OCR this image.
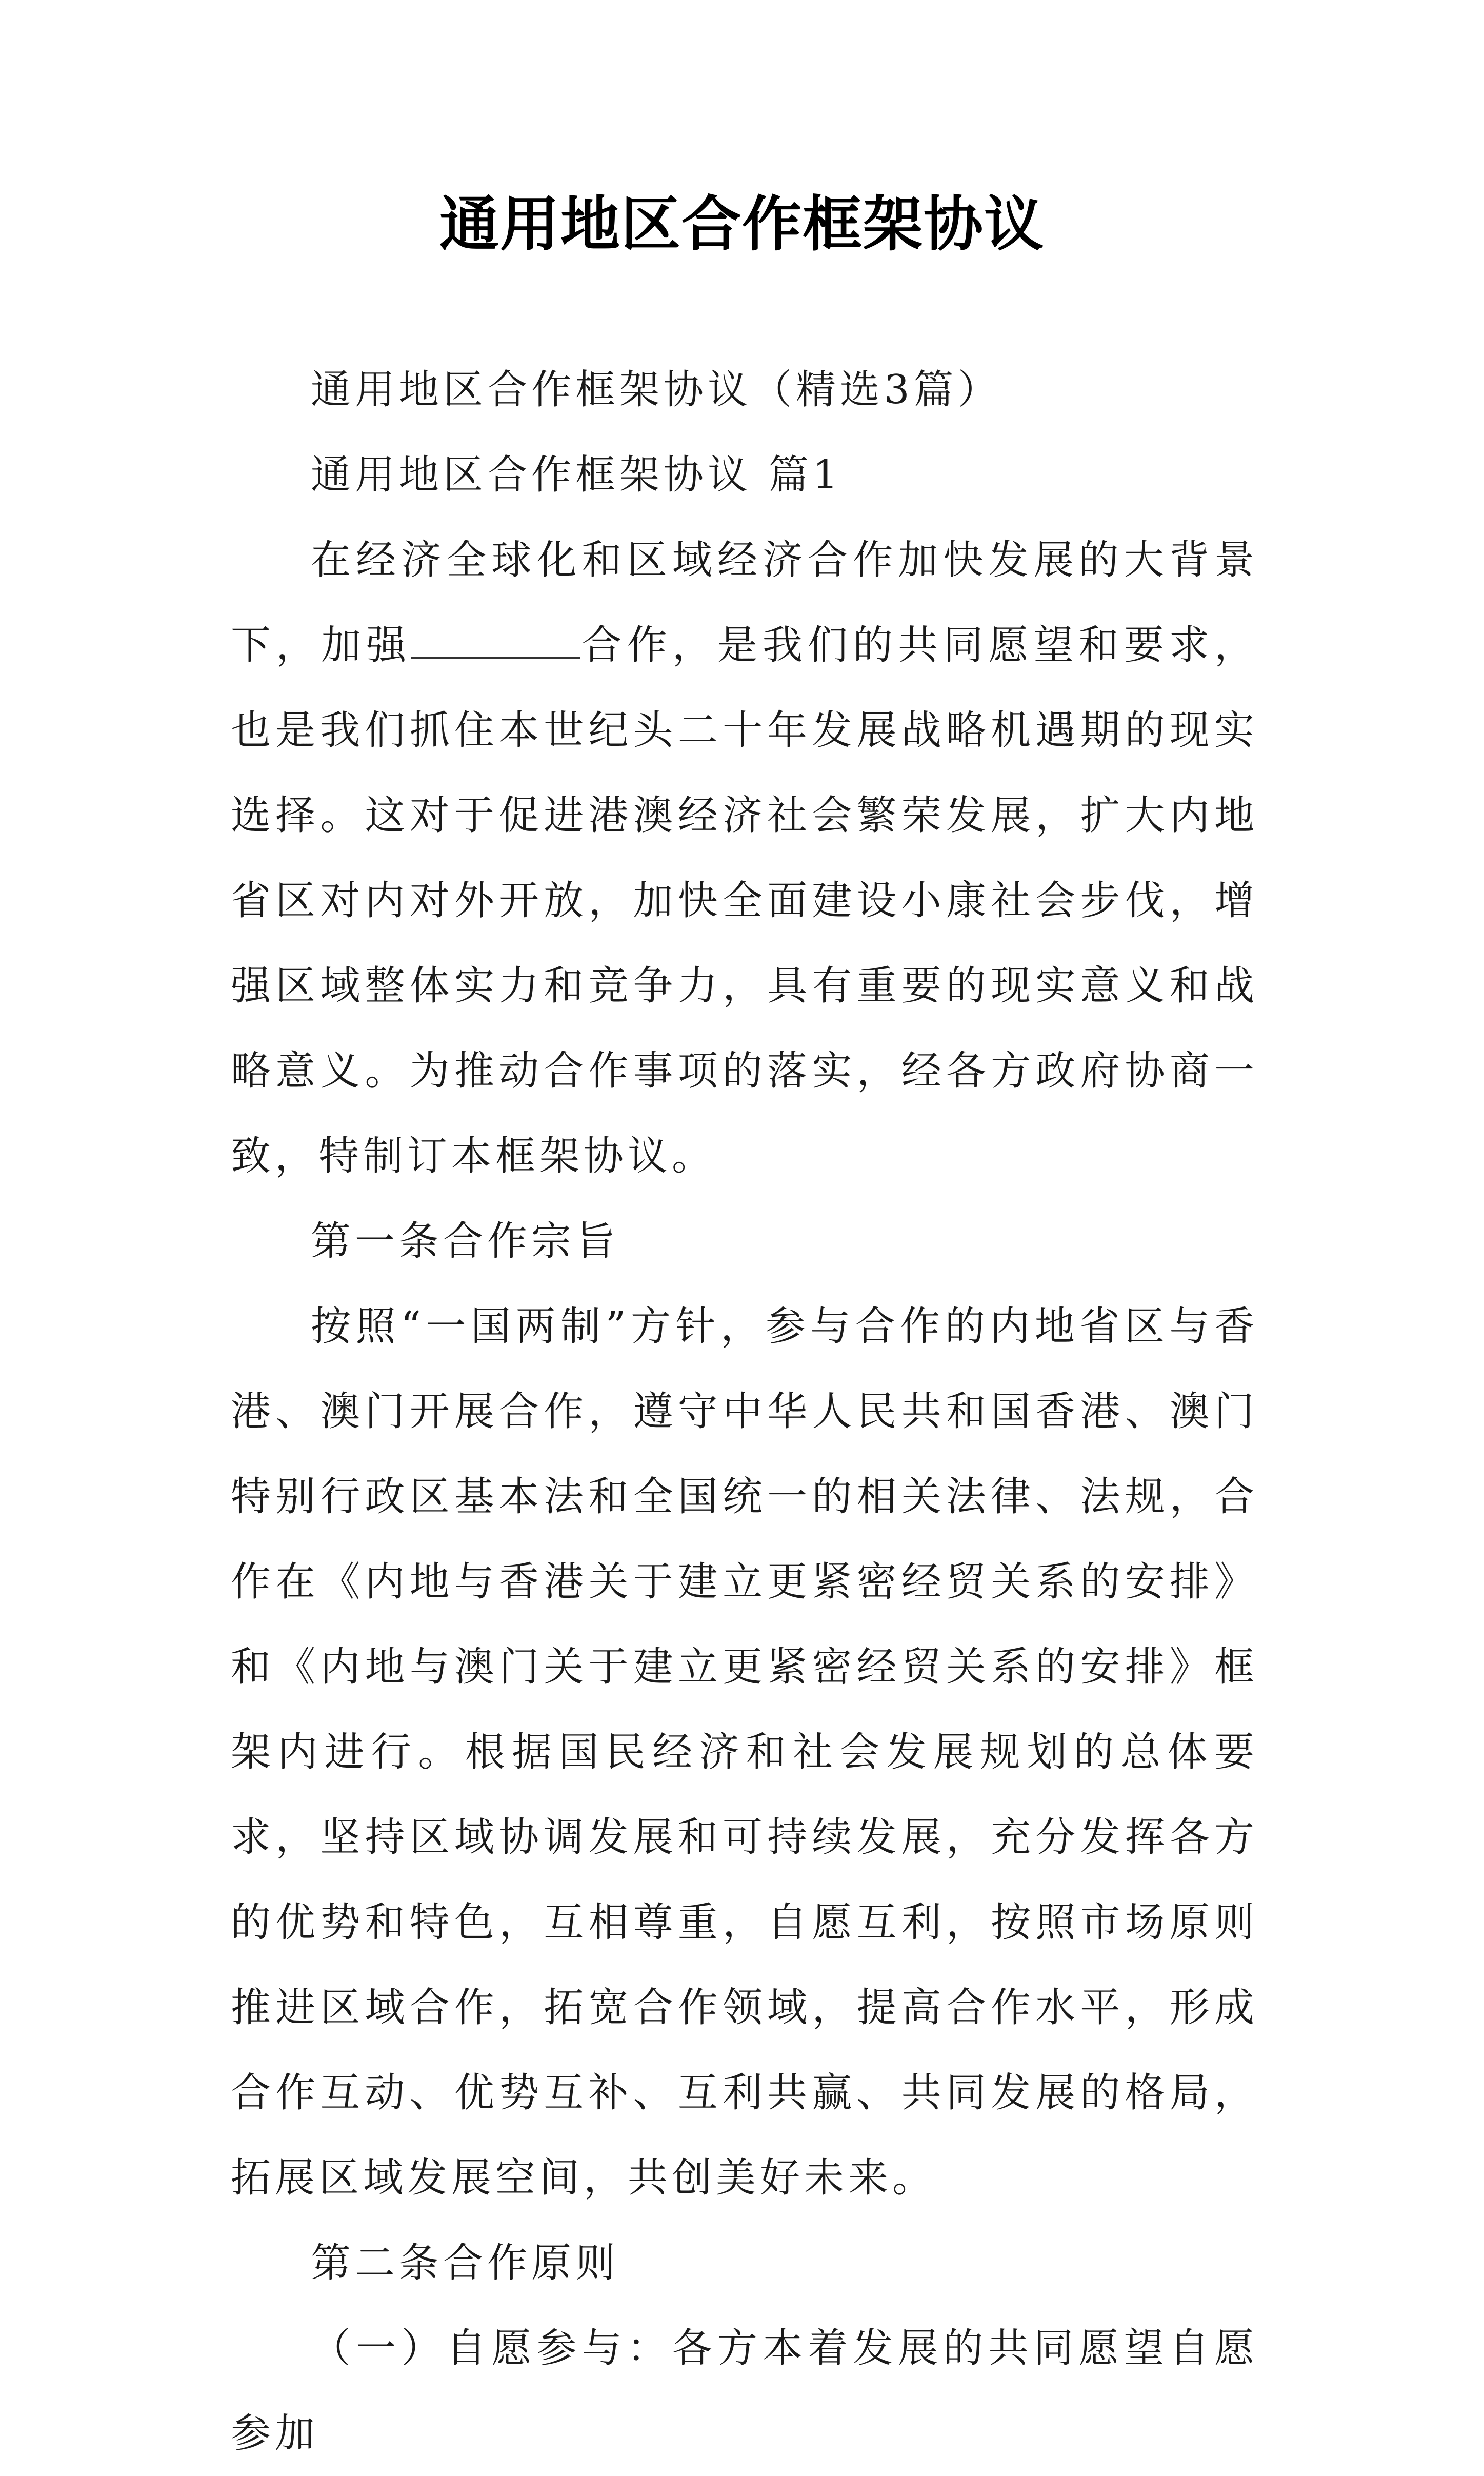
通用地区合作框架协议

通用地区合作框架协议（精选3篇）

通用地区合作框架协议 篇1

在经济全球化和区域经济合作加快发展的大背景下，加强	合作，是我们的共同愿望和要求，也是我们抓住本世纪头二十年发展战略机遇期的现实选择。这对于促进港澳经济社会繁荣发展，扩大内地省区对内对外开放，加快全面建设小康社会步伐，增强区域整体实力和竞争力，具有重要的现实意义和战略意义。为推动合作事项的落实，经各方政府协商一致，特制订本框架协议。

第一条合作宗旨

按照“一国两制”方针，参与合作的内地省区与香港、澳门开展合作，遵守中华人民共和国香港、澳门特别行政区基本法和全国统一的相关法律、法规，合作在《内地与香港关于建立更紧密经贸关系的安排》和《内地与澳门关于建立更紧密经贸关系的安排》框架内进行。根据国民经济和社会发展规划的总体要求，坚持区域协调发展和可持续发展，充分发挥各方的优势和特色，互相尊重，自愿互利，按照市场原则推进区域合作，拓宽合作领域，提高合作水平，形成合作互动、优势互补、互利共赢、共同发展的格局，拓展区域发展空间，共创美好未来。

第二条合作原则

（一）自愿参与：各方本着发展的共同愿望自愿参加
